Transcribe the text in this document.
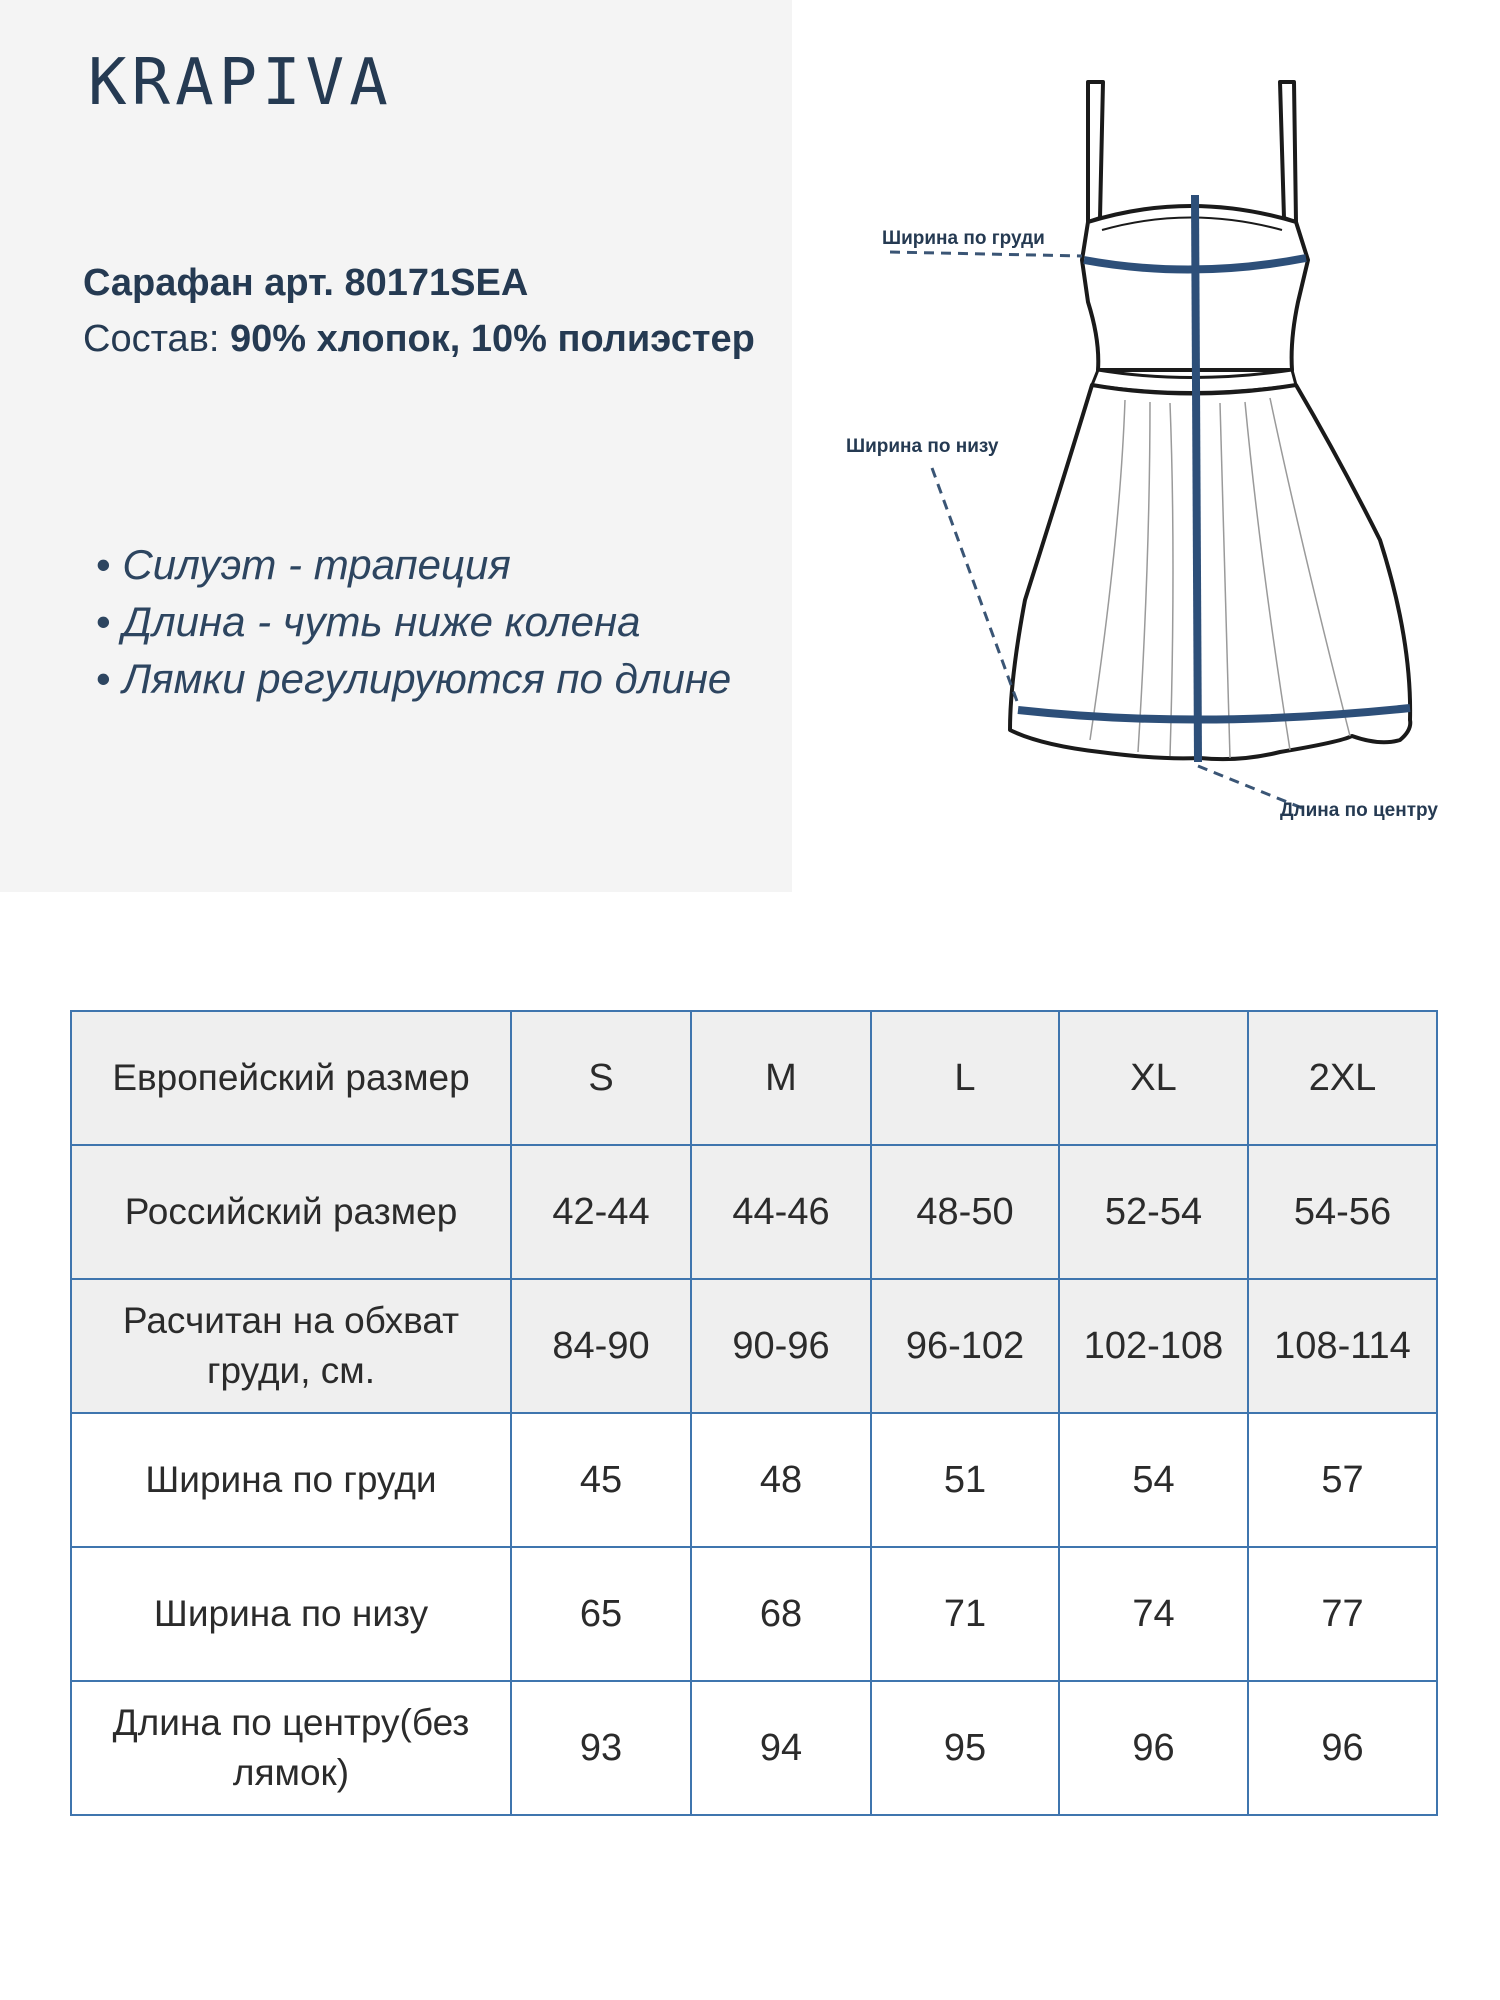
KRAPIVA
Сарафан арт. 80171SEA
Состав: 90% хлопок, 10% полиэстер
• Силуэт - трапеция
• Длина - чуть ниже колена
• Лямки регулируются по длине
Ширина по груди
Ширина по низу
Длина по центру
Европейский размер	S	M	L	XL	2XL
Российский размер	42-44	44-46	48-50	52-54	54-56
Расчитан на обхват груди, см.	84-90	90-96	96-102	102-108	108-114
Ширина по груди	45	48	51	54	57
Ширина по низу	65	68	71	74	77
Длина по центру(без лямок)	93	94	95	96	96
